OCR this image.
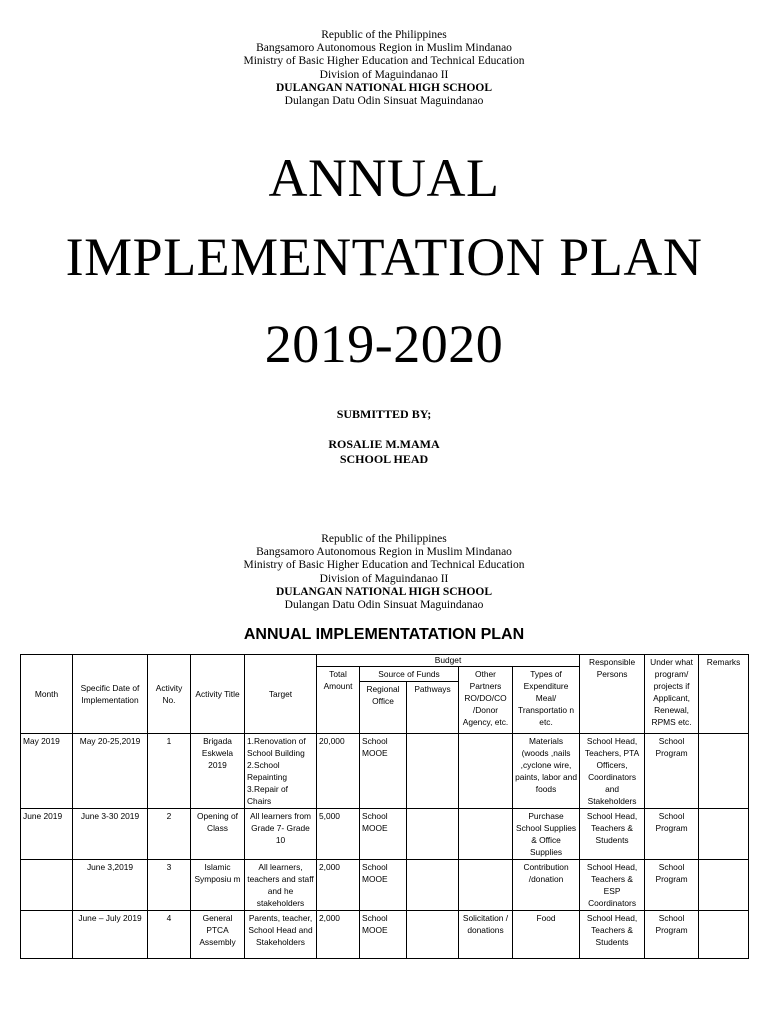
Republic of the Philippines
Bangsamoro Autonomous Region in Muslim Mindanao
Ministry of Basic Higher Education and Technical Education
Division of Maguindanao II
DULANGAN NATIONAL HIGH SCHOOL
Dulangan Datu Odin Sinsuat Maguindanao
ANNUAL
IMPLEMENTATION PLAN
2019-2020
SUBMITTED BY;
ROSALIE M.MAMA
SCHOOL HEAD
Republic of the Philippines
Bangsamoro Autonomous Region in Muslim Mindanao
Ministry of Basic Higher Education and Technical Education
Division of Maguindanao II
DULANGAN NATIONAL HIGH SCHOOL
Dulangan Datu Odin Sinsuat Maguindanao
ANNUAL IMPLEMENTATATION PLAN
Month	Specific Date of Implementation	Activity No.	Activity Title	Target	Budget					Responsible Persons	Under what program/ projects if Applicant, Renewal, RPMS etc.	Remarks
					Total Amount	Source of Funds		Other Partners RO/DO/CO /Donor Agency, etc.	Types of Expenditure Meal/ Transportatio n etc.			
						Regional Office	Pathways					
May 2019	May 20-25,2019	1	Brigada Eskwela 2019	1.Renovation of School Building 2.School Repainting 3.Repair of Chairs	20,000	School MOOE			Materials (woods ,nails ,cyclone wire, paints, labor and foods	School Head, Teachers, PTA Officers, Coordinators and Stakeholders	School Program	
June 2019	June 3-30 2019	2	Opening of Class	All learners from Grade 7- Grade 10	5,000	School MOOE			Purchase School Supplies & Office Supplies	School Head, Teachers & Students	School Program	
	June 3,2019	3	Islamic Symposiu m	All learners, teachers and staff and he stakeholders	2,000	School MOOE			Contribution /donation	School Head, Teachers & ESP Coordinators	School Program	
	June – July 2019	4	General PTCA Assembly	Parents, teacher, School Head and Stakeholders	2,000	School MOOE		Solicitation / donations	Food	School Head, Teachers & Students	School Program	
